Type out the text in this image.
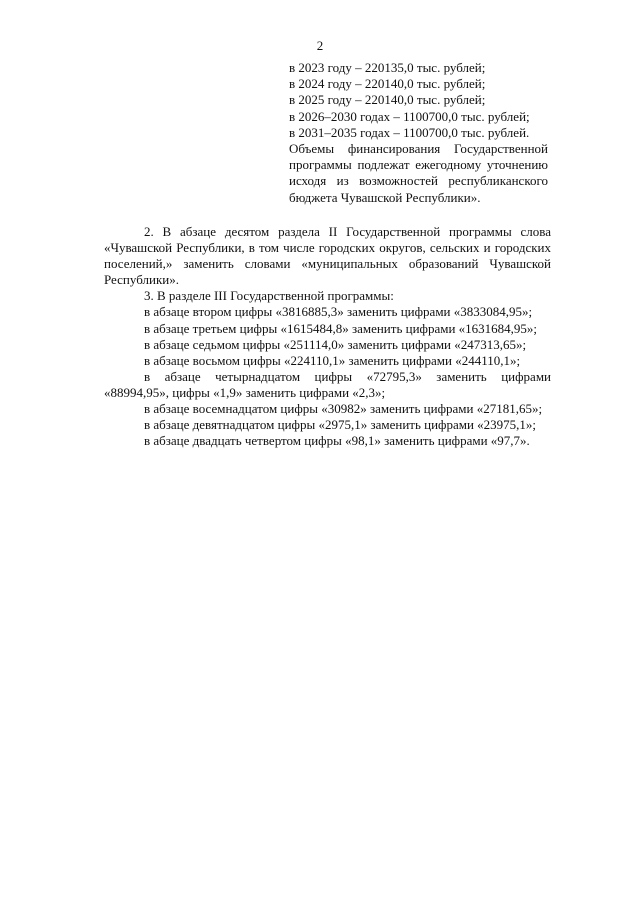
2
в 2023 году – 220135,0 тыс. рублей;
в 2024 году – 220140,0 тыс. рублей;
в 2025 году – 220140,0 тыс. рублей;
в 2026–2030 годах – 1100700,0 тыс. рублей;
в 2031–2035 годах – 1100700,0 тыс. рублей.
Объемы финансирования Государственной программы подлежат ежегодному уточнению исходя из возможностей республиканского бюджета Чувашской Республики».

2. В абзаце десятом раздела II Государственной программы слова «Чувашской Республики, в том числе городских округов, сельских и городских поселений,» заменить словами «муниципальных образований Чувашской Республики».

3. В разделе III Государственной программы:

в абзаце втором цифры «3816885,3» заменить цифрами «3833084,95»;

в абзаце третьем цифры «1615484,8» заменить цифрами «1631684,95»;

в абзаце седьмом цифры «251114,0» заменить цифрами «247313,65»;

в абзаце восьмом цифры «224110,1» заменить цифрами «244110,1»;

в абзаце четырнадцатом цифры «72795,3» заменить цифрами «88994,95», цифры «1,9» заменить цифрами «2,3»;

в абзаце восемнадцатом цифры «30982» заменить цифрами «27181,65»;

в абзаце девятнадцатом цифры «2975,1» заменить цифрами «23975,1»;

в абзаце двадцать четвертом цифры «98,1» заменить цифрами «97,7».
